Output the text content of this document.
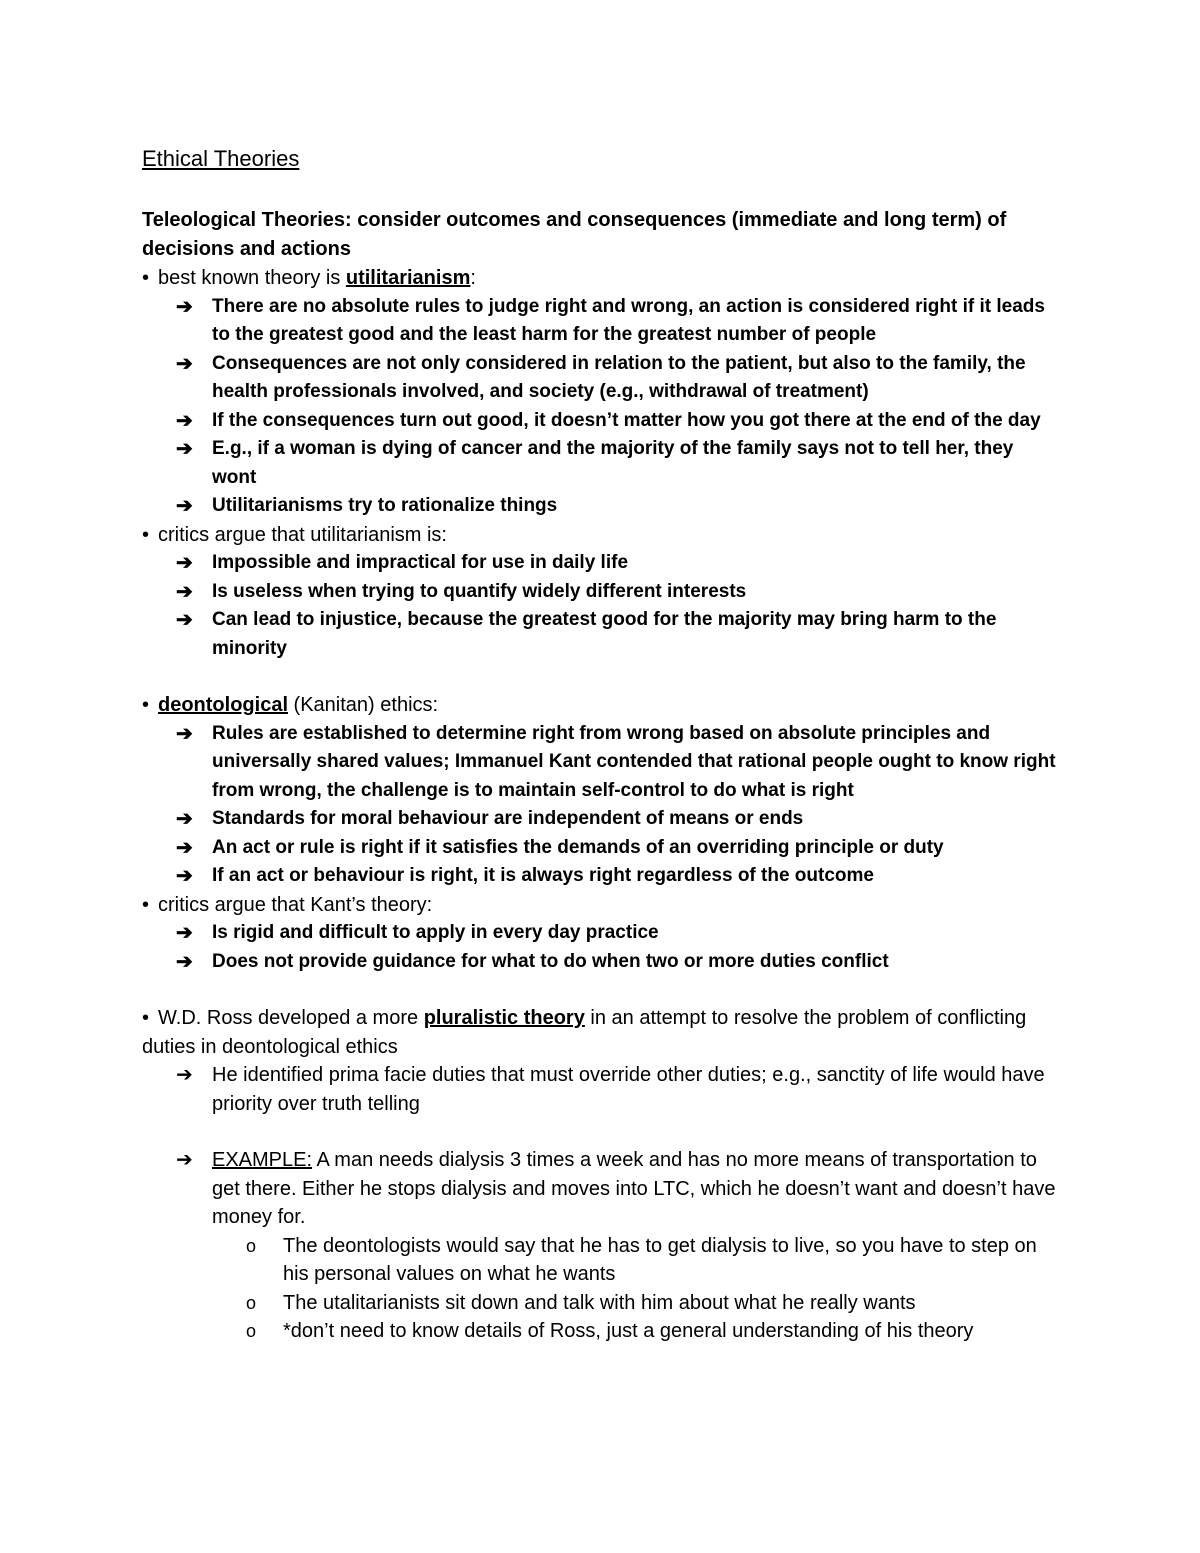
Ethical Theories

Teleological Theories: consider outcomes and consequences (immediate and long term) of decisions and actions

• best known theory is utilitarianism:
➔ There are no absolute rules to judge right and wrong, an action is considered right if it leads to the greatest good and the least harm for the greatest number of people
➔ Consequences are not only considered in relation to the patient, but also to the family, the health professionals involved, and society (e.g., withdrawal of treatment)
➔ If the consequences turn out good, it doesn’t matter how you got there at the end of the day
➔ E.g., if a woman is dying of cancer and the majority of the family says not to tell her, they wont
➔ Utilitarianisms try to rationalize things
• critics argue that utilitarianism is:
➔ Impossible and impractical for use in daily life
➔ Is useless when trying to quantify widely different interests
➔ Can lead to injustice, because the greatest good for the majority may bring harm to the minority
• deontological (Kanitan) ethics:
➔ Rules are established to determine right from wrong based on absolute principles and universally shared values; Immanuel Kant contended that rational people ought to know right from wrong, the challenge is to maintain self-control to do what is right
➔ Standards for moral behaviour are independent of means or ends
➔ An act or rule is right if it satisfies the demands of an overriding principle or duty
➔ If an act or behaviour is right, it is always right regardless of the outcome
• critics argue that Kant’s theory:
➔ Is rigid and difficult to apply in every day practice
➔ Does not provide guidance for what to do when two or more duties conflict
• W.D. Ross developed a more pluralistic theory in an attempt to resolve the problem of conflicting duties in deontological ethics
➔ He identified prima facie duties that must override other duties; e.g., sanctity of life would have priority over truth telling
➔ EXAMPLE: A man needs dialysis 3 times a week and has no more means of transportation to get there. Either he stops dialysis and moves into LTC, which he doesn’t want and doesn’t have money for.
o The deontologists would say that he has to get dialysis to live, so you have to step on his personal values on what he wants
o The utalitarianists sit down and talk with him about what he really wants
o *don’t need to know details of Ross, just a general understanding of his theory
